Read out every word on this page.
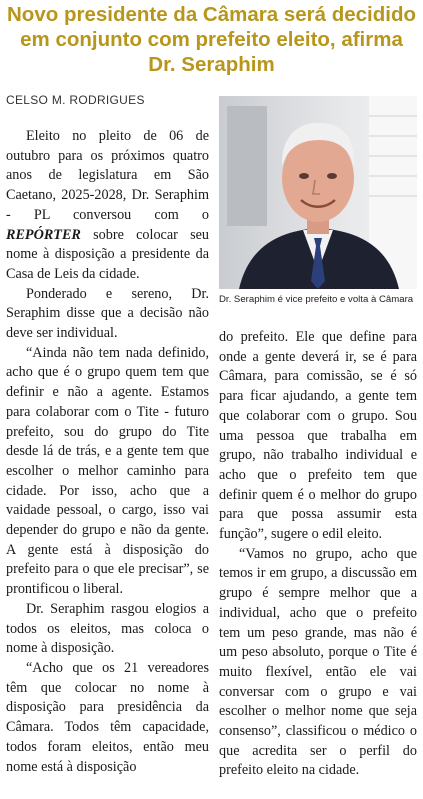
Novo presidente da Câmara será decidido em conjunto com prefeito eleito, afirma Dr. Seraphim
CELSO M. RODRIGUES

Eleito no pleito de 06 de outubro para os próximos quatro anos de legislatura em São Caetano, 2025-2028, Dr. Seraphim - PL conversou com o REPÓRTER sobre colocar seu nome à disposição a presidente da Casa de Leis da cidade.

Ponderado e sereno, Dr. Seraphim disse que a decisão não deve ser individual.

“Ainda não tem nada definido, acho que é o grupo quem tem que definir e não a agente. Estamos para colaborar com o Tite - futuro prefeito, sou do grupo do Tite desde lá de trás, e a gente tem que escolher o melhor caminho para cidade. Por isso, acho que a vaidade pessoal, o cargo, isso vai depender do grupo e não da gente. A gente está à disposição do prefeito para o que ele precisar”, se prontificou o liberal.

Dr. Seraphim rasgou elogios a todos os eleitos, mas coloca o nome à disposição.

“Acho que os 21 vereadores têm que colocar no nome à disposição para presidência da Câmara. Todos têm capacidade, todos foram eleitos, então meu nome está à disposição

Dr. Seraphim é vice prefeito e volta à Câmara

do prefeito. Ele que define para onde a gente deverá ir, se é para Câmara, para comissão, se é só para ficar ajudando, a gente tem que colaborar com o grupo. Sou uma pessoa que trabalha em grupo, não trabalho individual e acho que o prefeito tem que definir quem é o melhor do grupo para que possa assumir esta função”, sugere o edil eleito.

“Vamos no grupo, acho que temos ir em grupo, a discussão em grupo é sempre melhor que a individual, acho que o prefeito tem um peso grande, mas não é um peso absoluto, porque o Tite é muito flexível, então ele vai conversar com o grupo e vai escolher o melhor nome que seja consenso”, classificou o médico o que acredita ser o perfil do prefeito eleito na cidade.
